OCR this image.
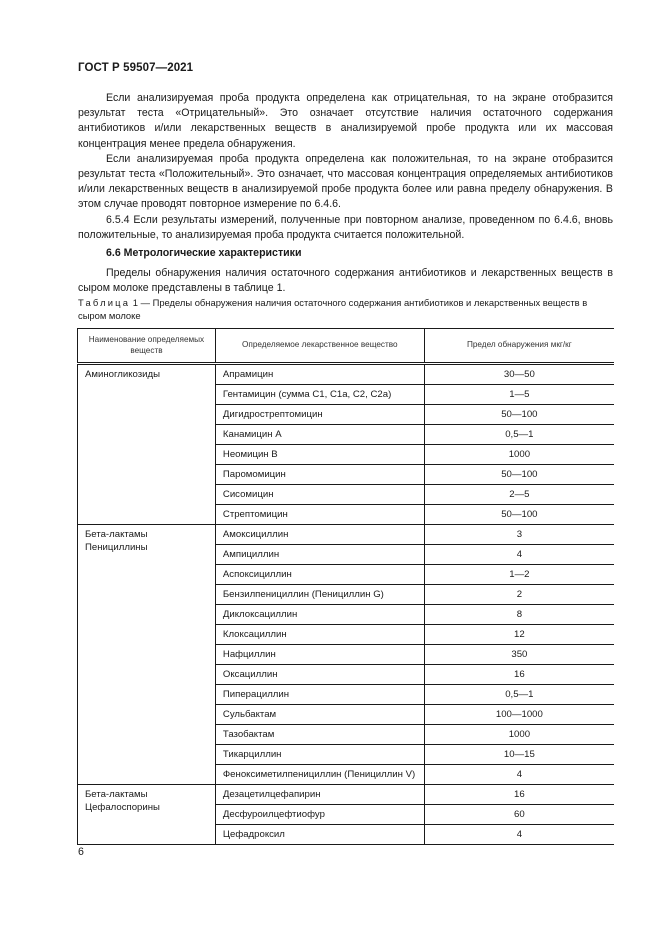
ГОСТ Р 59507—2021

Если анализируемая проба продукта определена как отрицательная, то на экране отобразится результат теста «Отрицательный». Это означает отсутствие наличия остаточного содержания антибиотиков и/или лекарственных веществ в анализируемой пробе продукта или их массовая концентрация менее предела обнаружения.

Если анализируемая проба продукта определена как положительная, то на экране отобразится результат теста «Положительный». Это означает, что массовая концентрация определяемых антибиотиков и/или лекарственных веществ в анализируемой пробе продукта более или равна пределу обнаружения. В этом случае проводят повторное измерение по 6.4.6.

6.5.4 Если результаты измерений, полученные при повторном анализе, проведенном по 6.4.6, вновь положительные, то анализируемая проба продукта считается положительной.

6.6 Метрологические характеристики

Пределы обнаружения наличия остаточного содержания антибиотиков и лекарственных веществ в сыром молоке представлены в таблице 1.

Таблица 1 — Пределы обнаружения наличия остаточного содержания антибиотиков и лекарственных веществ в сыром молоке
Наименование определяемых веществ	Определяемое лекарственное вещество	Предел обнаружения мкг/кг
Аминогликозиды	Апрамицин	30—50
	Гентамицин (сумма С1, С1а, С2, С2а)	1—5
	Дигидрострептомицин	50—100
	Канамицин А	0,5—1
	Неомицин В	1000
	Паромомицин	50—100
	Сисомицин	2—5
	Стрептомицин	50—100
Бета-лактамы
Пенициллины	Амоксициллин	3
	Ампициллин	4
	Аспоксициллин	1—2
	Бензилпенициллин (Пенициллин G)	2
	Диклоксациллин	8
	Клоксациллин	12
	Нафциллин	350
	Оксациллин	16
	Пиперациллин	0,5—1
	Сульбактам	100—1000
	Тазобактам	1000
	Тикарциллин	10—15
	Феноксиметилпенициллин (Пенициллин V)	4
Бета-лактамы
Цефалоспорины	Дезацетилцефапирин	16
	Десфуроилцефтиофур	60
	Цефадроксил	4
6
